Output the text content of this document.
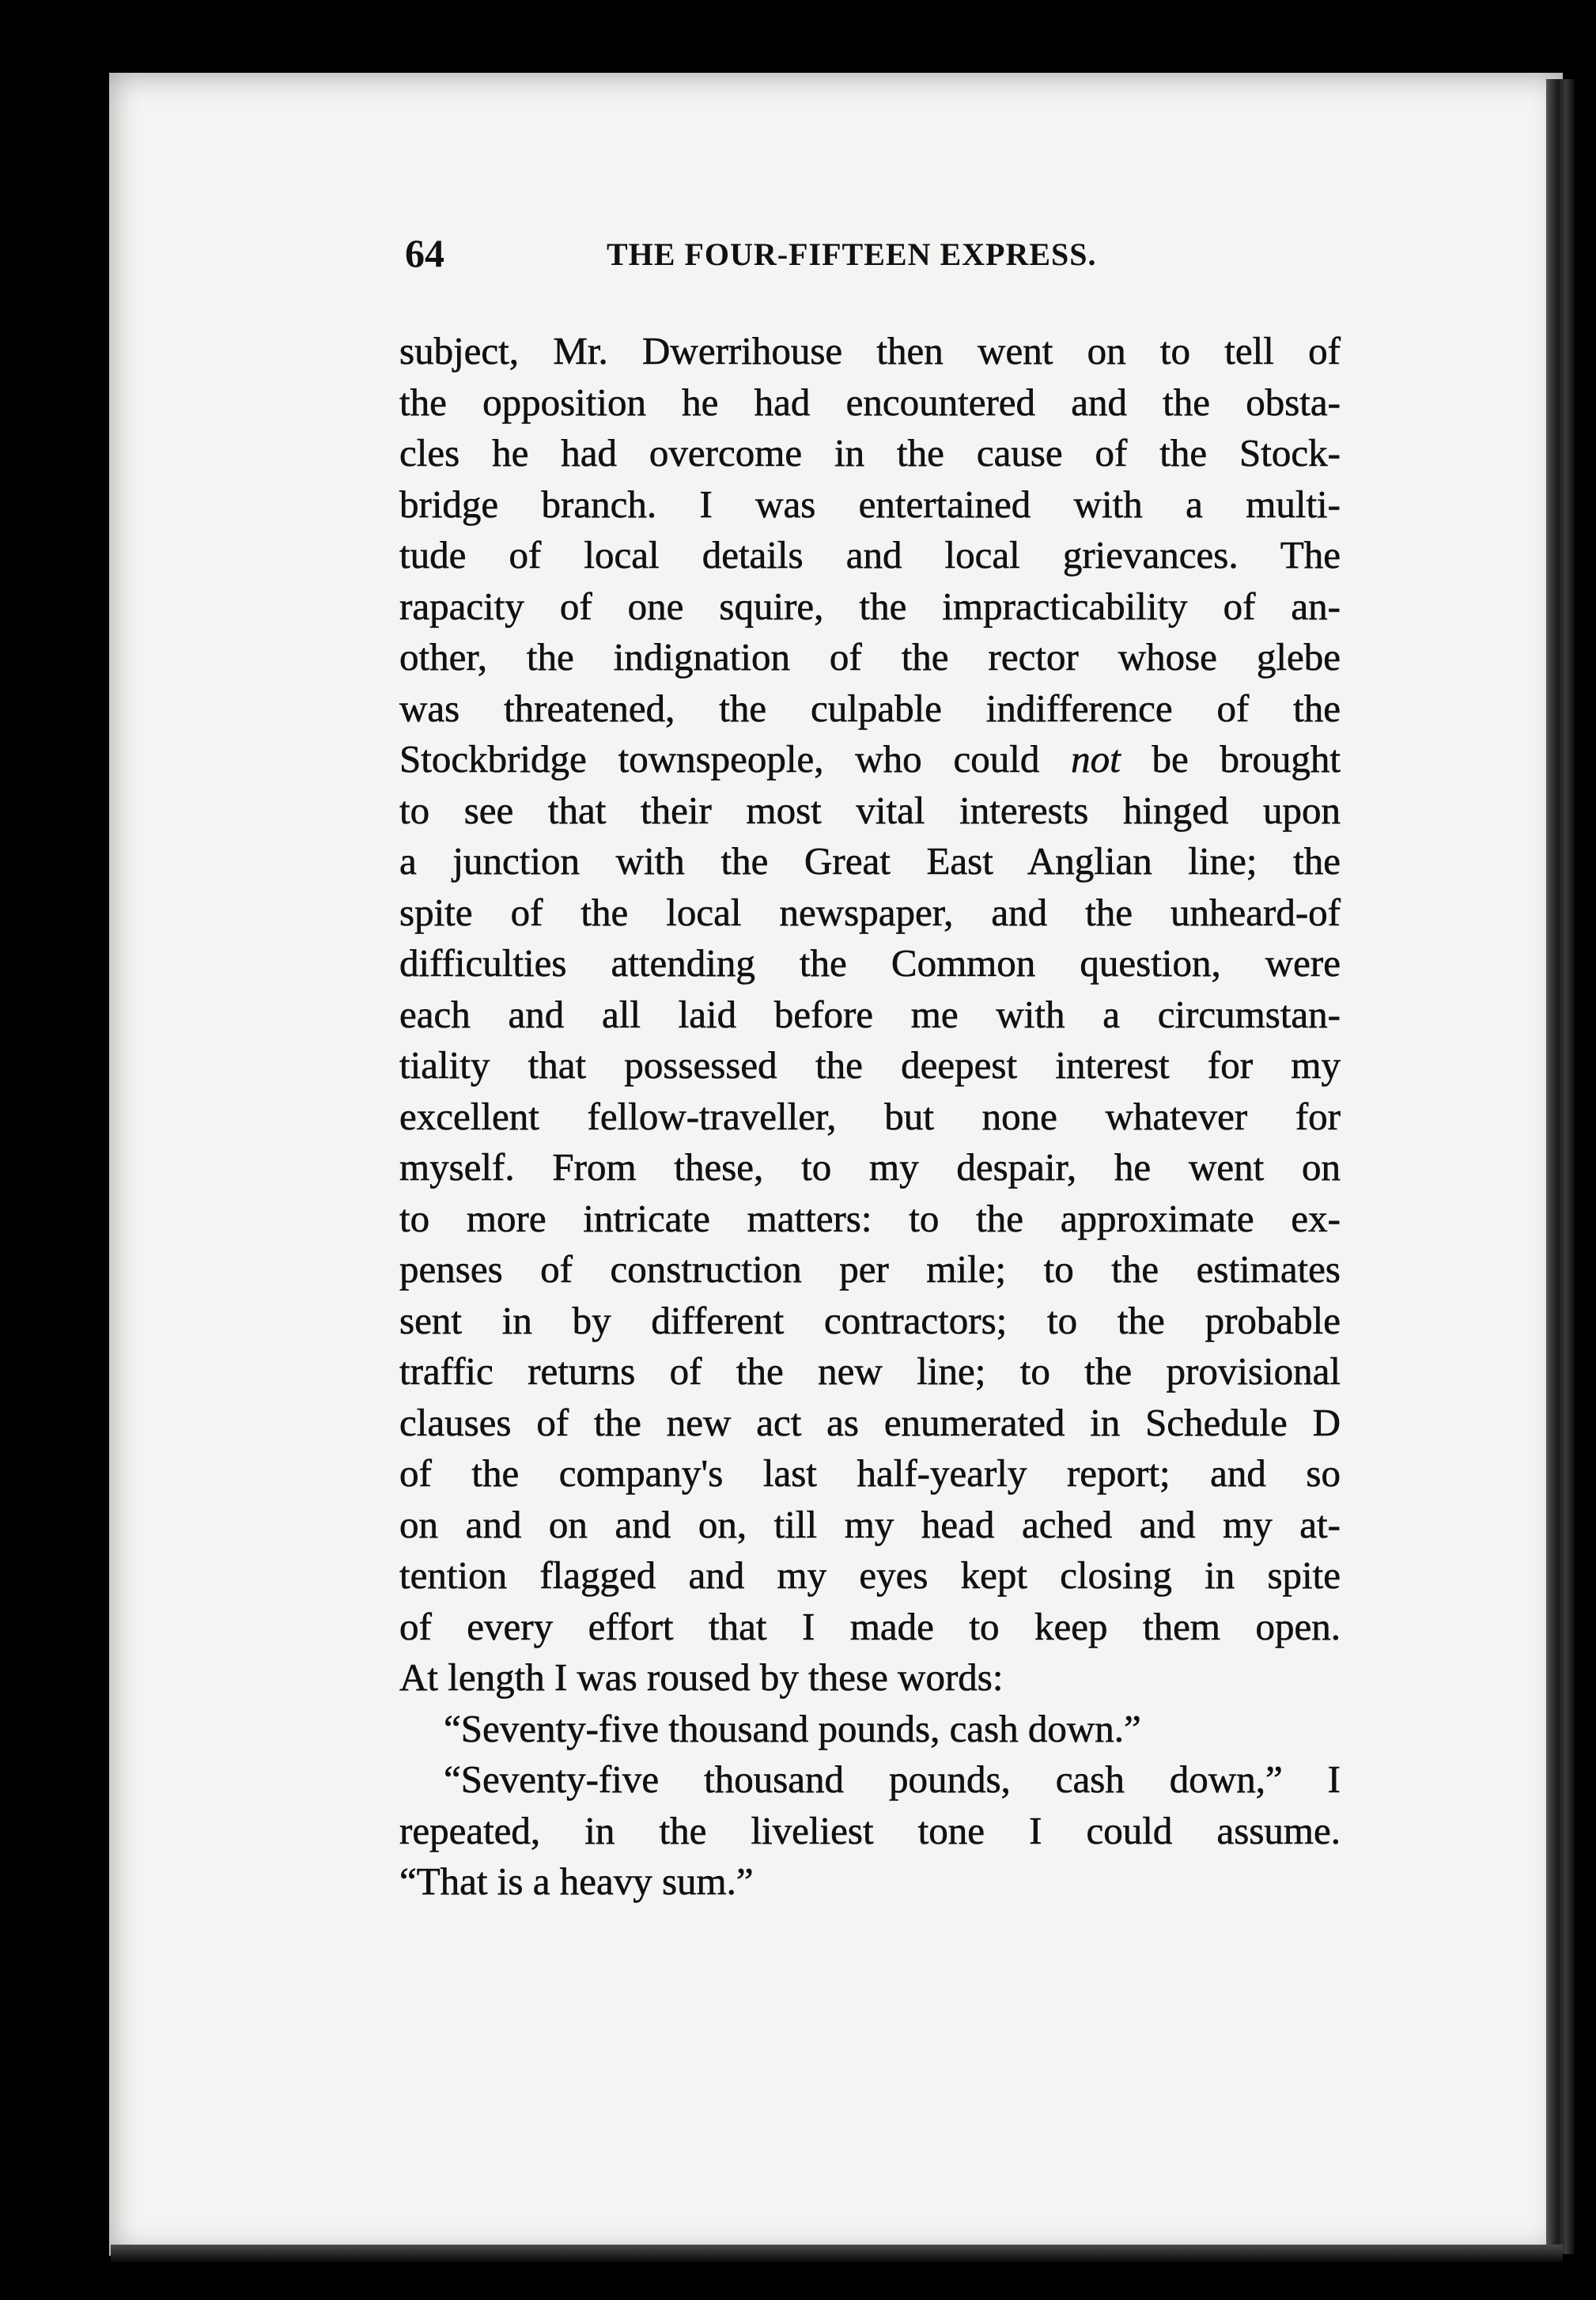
64	THE FOUR-FIFTEEN EXPRESS.
subject, Mr. Dwerrihouse then went on to tell of
the opposition he had encountered and the obsta-
cles he had overcome in the cause of the Stock-
bridge branch. I was entertained with a multi-
tude of local details and local grievances. The
rapacity of one squire, the impracticability of an-
other, the indignation of the rector whose glebe
was threatened, the culpable indifference of the
Stockbridge townspeople, who could not be brought
to see that their most vital interests hinged upon
a junction with the Great East Anglian line; the
spite of the local newspaper, and the unheard-of
difficulties attending the Common question, were
each and all laid before me with a circumstan-
tiality that possessed the deepest interest for my
excellent fellow-traveller, but none whatever for
myself. From these, to my despair, he went on
to more intricate matters: to the approximate ex-
penses of construction per mile; to the estimates
sent in by different contractors; to the probable
traffic returns of the new line; to the provisional
clauses of the new act as enumerated in Schedule D
of the company's last half-yearly report; and so
on and on and on, till my head ached and my at-
tention flagged and my eyes kept closing in spite
of every effort that I made to keep them open.
At length I was roused by these words:
“Seventy-five thousand pounds, cash down.”
“Seventy-five thousand pounds, cash down,” I
repeated, in the liveliest tone I could assume.
“That is a heavy sum.”
